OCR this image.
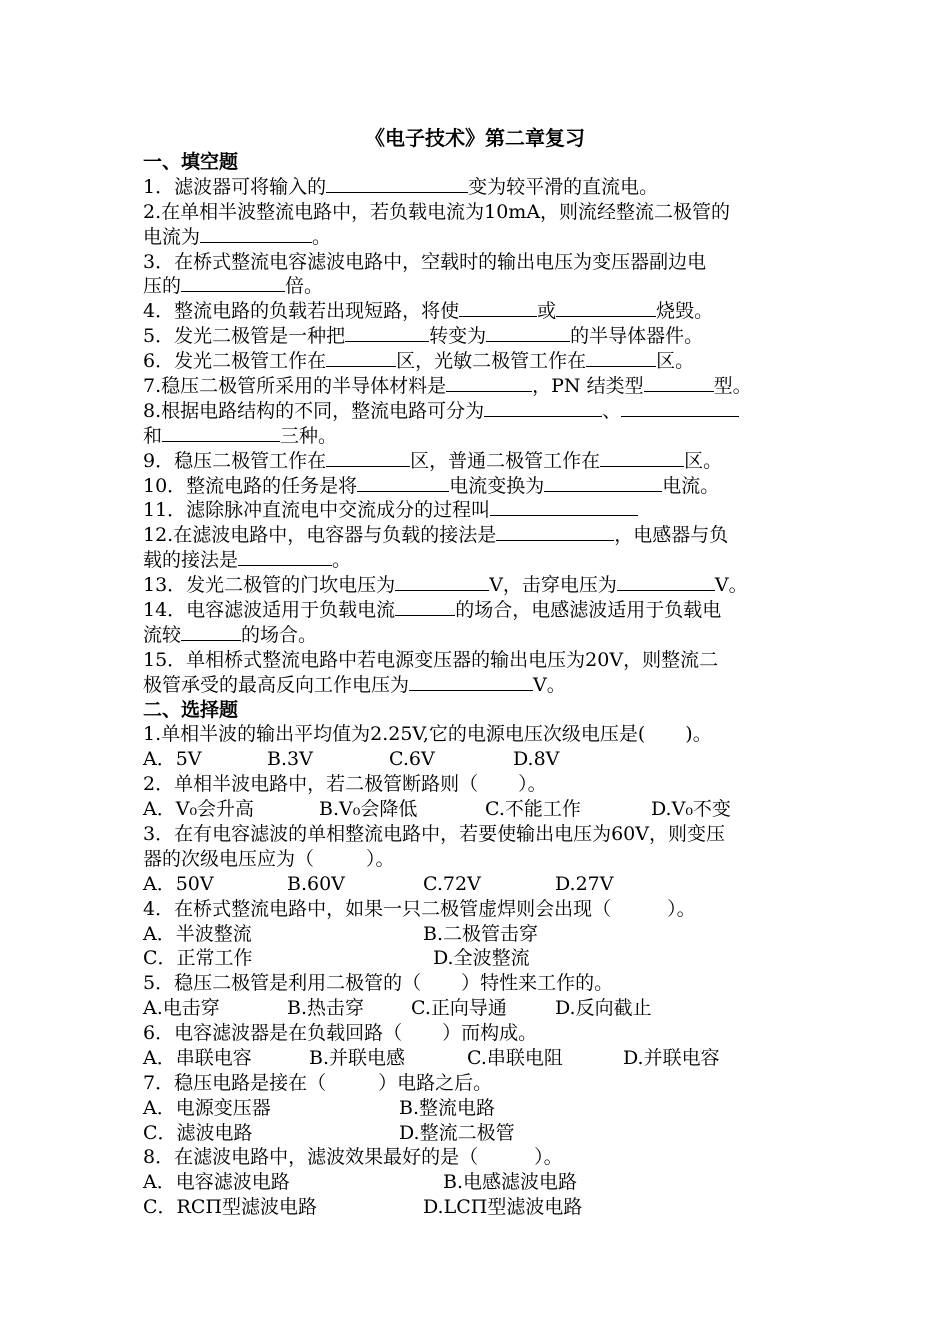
《电子技术》第二章复习
一、填空题
1．滤波器可将输入的	变为较平滑的直流电。
2.在单相半波整流电路中，若负载电流为10mA，则流经整流二极管的
电流为	。
3．在桥式整流电容滤波电路中，空载时的输出电压为变压器副边电
压的	倍。
4．整流电路的负载若出现短路，将使	或	烧毁。
5．发光二极管是一种把	转变为	的半导体器件。
6．发光二极管工作在	区，光敏二极管工作在	区。
7.稳压二极管所采用的半导体材料是	，PN 结类型	型。
8.根据电路结构的不同，整流电路可分为	、
和	三种。
9．稳压二极管工作在	区，普通二极管工作在	区。
10．整流电路的任务是将	电流变换为	电流。
11．滤除脉冲直流电中交流成分的过程叫
12.在滤波电路中，电容器与负载的接法是	，电感器与负
载的接法是	。
13．发光二极管的门坎电压为	V，击穿电压为	V。
14．电容滤波适用于负载电流	的场合，电感滤波适用于负载电
流较	的场合。
15．单相桥式整流电路中若电源变压器的输出电压为20V，则整流二
极管承受的最高反向工作电压为	V。
二、选择题
1.单相半波的输出平均值为2.25V,它的电源电压次级电压是( )。
A．5V	B.3V	C.6V	D.8V
2．单相半波电路中，若二极管断路则（ ）。
A．V₀会升高	B.V₀会降低	C.不能工作	D.V₀不变
3．在有电容滤波的单相整流电路中，若要使输出电压为60V，则变压
器的次级电压应为（	）。
A．50V	B.60V	C.72V	D.27V
4．在桥式整流电路中，如果一只二极管虚焊则会出现（	）。
A．半波整流	B.二极管击穿
C．正常工作	D.全波整流
5．稳压二极管是利用二极管的（ ）特性来工作的。
A.电击穿	B.热击穿 C.正向导通	D.反向截止
6．电容滤波器是在负载回路（ ）而构成。
A．串联电容	B.并联电感	C.串联电阻	D.并联电容
7．稳压电路是接在（	）电路之后。
A．电源变压器	B.整流电路
C．滤波电路	D.整流二极管
8．在滤波电路中，滤波效果最好的是（	）。
A．电容滤波电路	B.电感滤波电路
C．RCΠ型滤波电路	D.LCΠ型滤波电路
